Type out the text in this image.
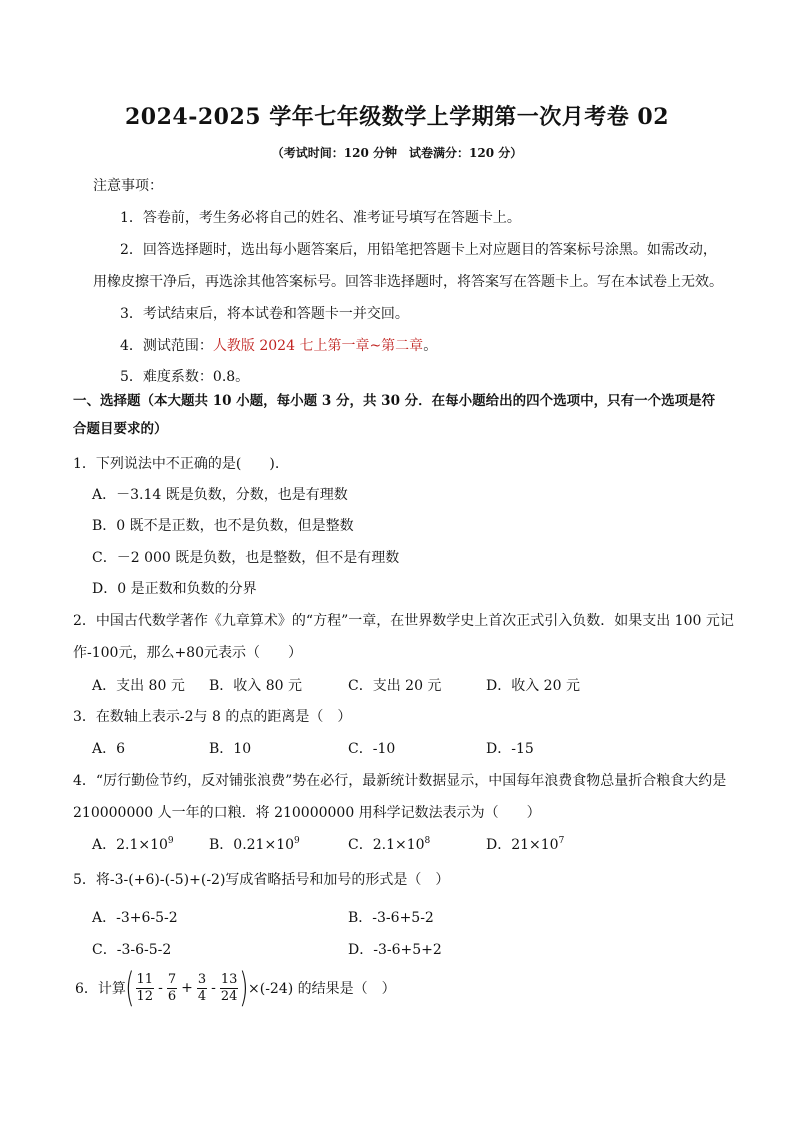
2024-2025 学年七年级数学上学期第一次月考卷 02
（考试时间：120 分钟　试卷满分：120 分）
注意事项：
1．答卷前，考生务必将自己的姓名、准考证号填写在答题卡上。
2．回答选择题时，选出每小题答案后，用铅笔把答题卡上对应题目的答案标号涂黑。如需改动，
用橡皮擦干净后，再选涂其他答案标号。回答非选择题时，将答案写在答题卡上。写在本试卷上无效。
3．考试结束后，将本试卷和答题卡一并交回。
4．测试范围：人教版 2024 七上第一章~第二章。
5．难度系数：0.8。
一、选择题（本大题共 10 小题，每小题 3 分，共 30 分．在每小题给出的四个选项中，只有一个选项是符
合题目要求的）
1．下列说法中不正确的是(　　).
A．－3.14 既是负数，分数，也是有理数
B．0 既不是正数，也不是负数，但是整数
C．－2 000 既是负数，也是整数，但不是有理数
D．0 是正数和负数的分界
2．中国古代数学著作《九章算术》的“方程”一章，在世界数学史上首次正式引入负数．如果支出 100 元记
作-100元，那么+80元表示（　　）
A．支出 80 元 B．收入 80 元	C．支出 20 元	D．收入 20 元
3．在数轴上表示-2与 8 的点的距离是（　）
A．6	B．10	C．-10	D．-15
4．“厉行勤俭节约，反对铺张浪费”势在必行，最新统计数据显示，中国每年浪费食物总量折合粮食大约是
210000000 人一年的口粮．将 210000000 用科学记数法表示为（　　）
A．$2.1\times 10^9$	B．$0.21\times 10^9$	C．$2.1\times 10^8$	D．$21\times 10^7$
5．将-3-(+6)-(-5)+(-2)写成省略括号和加号的形式是（　）
A．-3+6-5-2	B．-3-6+5-2
C．-3-6-5-2	D．-3-6+5+2
6．计算 ( $\frac{11}{12} - \frac{7}{6} + \frac{3}{4} - \frac{13}{24}$ ) ×(-24) 的结果是（　）
